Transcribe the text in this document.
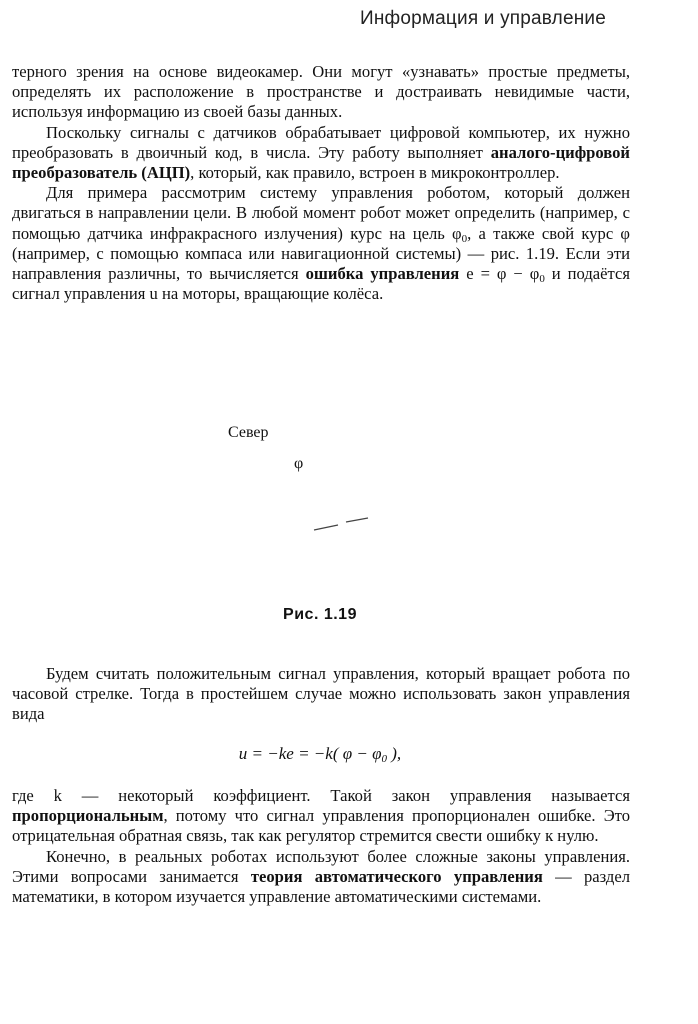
Информация и управление

терного зрения на основе видеокамер. Они могут «узнавать» простые предметы, определять их расположение в пространстве и достраивать невидимые части, используя информацию из своей базы данных.

Поскольку сигналы с датчиков обрабатывает цифровой компьютер, их нужно преобразовать в двоичный код, в числа. Эту работу выполняет аналого-цифровой преобразователь (АЦП), который, как правило, встроен в микроконтроллер.

Для примера рассмотрим систему управления роботом, который должен двигаться в направлении цели. В любой момент робот может определить (например, с помощью датчика инфракрасного излучения) курс на цель $\varphi_0$, а также свой курс φ (например, с помощью компаса или навигационной системы) — рис. 1.19. Если эти направления различны, то вычисляется ошибка управления $e = \varphi - \varphi_0$ и подаётся сигнал управления u на моторы, вращающие колёса.

Север
φ
Рис. 1.19

Будем считать положительным сигнал управления, который вращает робота по часовой стрелке. Тогда в простейшем случае можно использовать закон управления вида

u = −ke = −k( $\varphi - \varphi_0$ ),

где k — некоторый коэффициент. Такой закон управления называется пропорциональным, потому что сигнал управления пропорционален ошибке. Это отрицательная обратная связь, так как регулятор стремится свести ошибку к нулю.

Конечно, в реальных роботах используют более сложные законы управления. Этими вопросами занимается теория автоматического управления — раздел математики, в котором изучается управление автоматическими системами.
